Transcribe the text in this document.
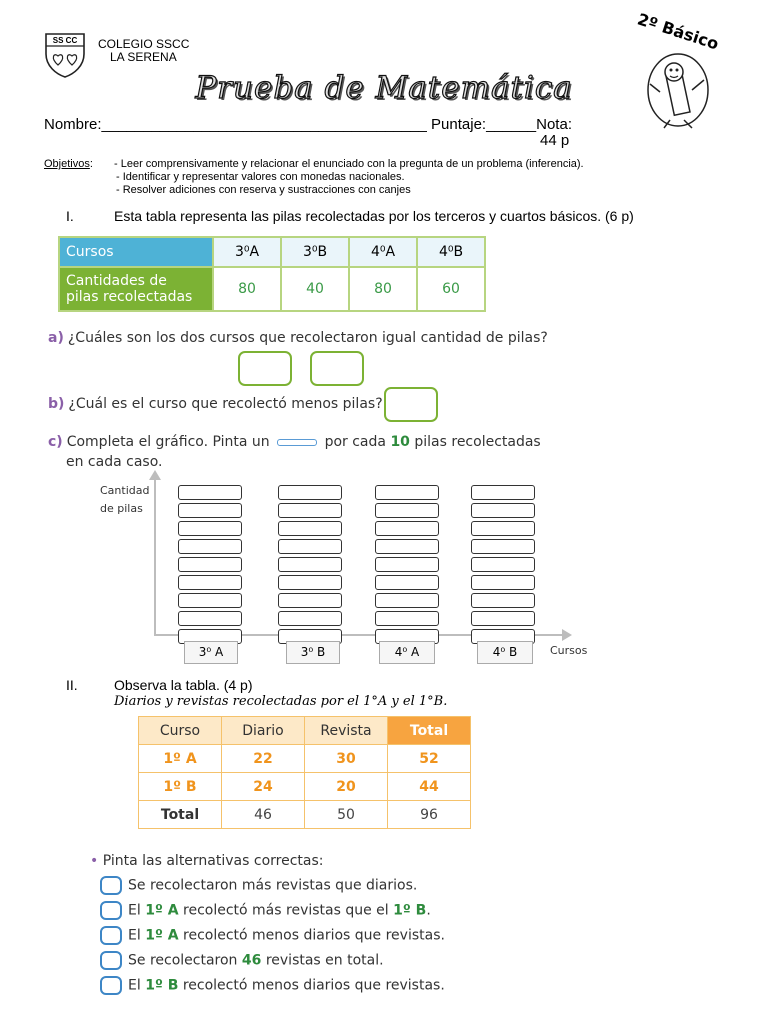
SS CC COLEGIO SSCC
LA SERENA
Prueba de Matemática
2º Básico
Nombre:_______________________________________ Puntaje:______Nota:
44 p
Objetivos: - Leer comprensivamente y relacionar el enunciado con la pregunta de un problema (inferencia).
- Identificar y representar valores con monedas nacionales.
- Resolver adiciones con reserva y sustracciones con canjes
I.	Esta tabla representa las pilas recolectadas por los terceros y cuartos básicos. (6 p)
Cursos	3⁰A	3⁰B	4⁰A	4⁰B

Cantidades de
pilas recolectadas	80	40	80	60
a) ¿Cuáles son los dos cursos que recolectaron igual cantidad de pilas?
b) ¿Cuál es el curso que recolectó menos pilas?
c) Completa el gráfico. Pinta un	por cada 10 pilas recolectadas
en cada caso.
Cantidad
de pilas
Cursos
3⁰ A	3⁰ B	4⁰ A	4⁰ B
II.	Observa la tabla. (4 p)
Diarios y revistas recolectadas por el 1°A y el 1°B.
Curso	Diario	Revista	Total
1º A	22	30	52
1º B	24	20	44
Total	46	50	96
• Pinta las alternativas correctas:
Se recolectaron más revistas que diarios.
El 1º A recolectó más revistas que el 1º B.
El 1º A recolectó menos diarios que revistas.
Se recolectaron 46 revistas en total.
El 1º B recolectó menos diarios que revistas.
